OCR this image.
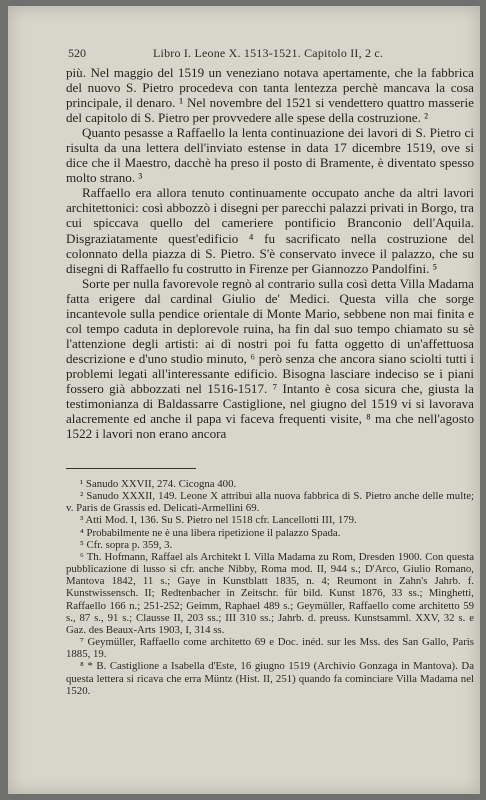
520	Libro I. Leone X. 1513-1521. Capitolo II, 2 c.

più. Nel maggio del 1519 un veneziano notava apertamente, che la fabbrica del nuovo S. Pietro procedeva con tanta lentezza perchè mancava la cosa principale, il denaro. ¹ Nel novembre del 1521 si vendettero quattro masserie del capitolo di S. Pietro per provvedere alle spese della costruzione. ²

Quanto pesasse a Raffaello la lenta continuazione dei lavori di S. Pietro ci risulta da una lettera dell'inviato estense in data 17 dicembre 1519, ove si dice che il Maestro, dacchè ha preso il posto di Bramente, è diventato spesso molto strano. ³

Raffaello era allora tenuto continuamente occupato anche da altri lavori architettonici: così abbozzò i disegni per parecchi palazzi privati in Borgo, tra cui spiccava quello del cameriere pontificio Branconio dell'Aquila. Disgraziatamente quest'edificio ⁴ fu sacrificato nella costruzione del colonnato della piazza di S. Pietro. S'è conservato invece il palazzo, che su disegni di Raffaello fu costrutto in Firenze per Giannozzo Pandolfini. ⁵

Sorte per nulla favorevole regnò al contrario sulla così detta Villa Madama fatta erigere dal cardinal Giulio de' Medici. Questa villa che sorge incantevole sulla pendice orientale di Monte Mario, sebbene non mai finita e col tempo caduta in deplorevole ruina, ha fin dal suo tempo chiamato su sè l'attenzione degli artisti: ai dì nostri poi fu fatta oggetto di un'affettuosa descrizione e d'uno studio minuto, ⁶ però senza che ancora siano sciolti tutti i problemi legati all'interessante edificio. Bisogna lasciare indeciso se i piani fossero già abbozzati nel 1516-1517. ⁷ Intanto è cosa sicura che, giusta la testimonianza di Baldassarre Castiglione, nel giugno del 1519 vi si lavorava alacremente ed anche il papa vi faceva frequenti visite, ⁸ ma che nell'agosto 1522 i lavori non erano ancora

¹ Sanudo XXVII, 274. Cicogna 400.

² Sanudo XXXII, 149. Leone X attribuì alla nuova fabbrica di S. Pietro anche delle multe; v. Paris de Grassis ed. Delicati-Armellini 69.

³ Atti Mod. I, 136. Su S. Pietro nel 1518 cfr. Lancellotti III, 179.

⁴ Probabilmente ne è una libera ripetizione il palazzo Spada.

⁵ Cfr. sopra p. 359, 3.

⁶ Th. Hofmann, Raffael als Architekt I. Villa Madama zu Rom, Dresden 1900. Con questa pubblicazione di lusso si cfr. anche Nibby, Roma mod. II, 944 s.; D'Arco, Giulio Romano, Mantova 1842, 11 s.; Gaye in Kunstblatt 1835, n. 4; Reumont in Zahn's Jahrb. f. Kunstwissensch. II; Redtenbacher in Zeitschr. für bild. Kunst 1876, 33 ss.; Minghetti, Raffaello 166 n.; 251-252; Geimm, Raphael 489 s.; Geymüller, Raffaello come architetto 59 s., 87 s., 91 s.; Clausse II, 203 ss.; III 310 ss.; Jahrb. d. preuss. Kunstsamml. XXV, 32 s. e Gaz. des Beaux-Arts 1903, I, 314 ss.

⁷ Geymüller, Raffaello come architetto 69 e Doc. inéd. sur les Mss. des San Gallo, Paris 1885, 19.

⁸ * B. Castiglione a Isabella d'Este, 16 giugno 1519 (Archivio Gonzaga in Mantova). Da questa lettera si ricava che erra Müntz (Hist. II, 251) quando fa cominciare Villa Madama nel 1520.
